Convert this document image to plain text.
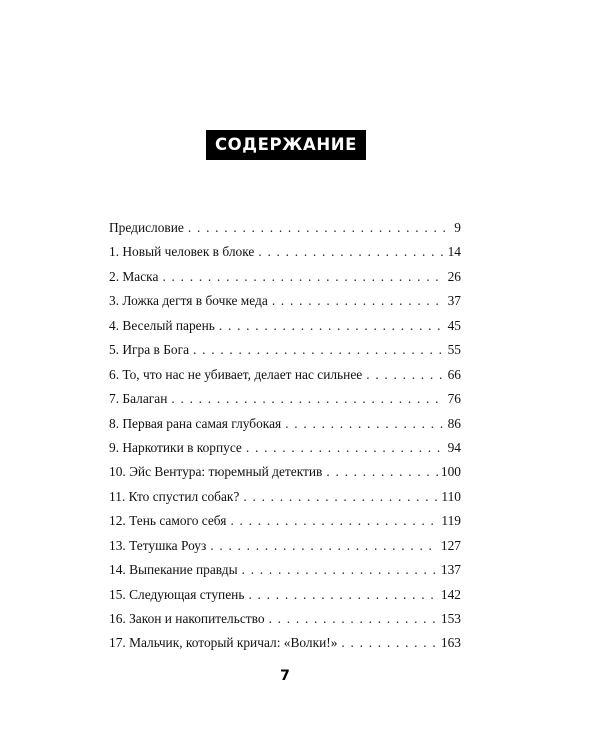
СОДЕРЖАНИЕ
Предисловие . . .	9
1. Новый человек в блоке . . .	14
2. Маска . . .	26
3. Ложка дегтя в бочке меда . . .	37
4. Веселый парень . . .	45
5. Игра в Бога . . .	55
6. То, что нас не убивает, делает нас сильнее . . .	66
7. Балаган . . .	76
8. Первая рана самая глубокая . . .	86
9. Наркотики в корпусе . . .	94
10. Эйс Вентура: тюремный детектив . . .	100
11. Кто спустил собак? . . .	110
12. Тень самого себя . . .	119
13. Тетушка Роуз . . .	127
14. Выпекание правды . . .	137
15. Следующая ступень . . .	142
16. Закон и накопительство . . .	153
17. Мальчик, который кричал: «Волки!» . . .	163
7
